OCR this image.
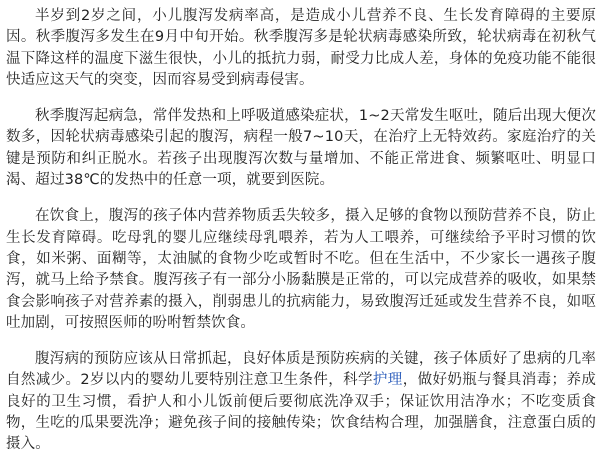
半岁到2岁之间，小儿腹泻发病率高，是造成小儿营养不良、生长发育障碍的主要原因。秋季腹泻多发生在9月中旬开始。秋季腹泻多是轮状病毒感染所致，轮状病毒在初秋气温下降这样的温度下滋生很快，小儿的抵抗力弱，耐受力比成人差，身体的免疫功能不能很快适应这天气的突变，因而容易受到病毒侵害。

秋季腹泻起病急，常伴发热和上呼吸道感染症状，1~2天常发生呕吐，随后出现大便次数多，因轮状病毒感染引起的腹泻，病程一般7~10天，在治疗上无特效药。家庭治疗的关键是预防和纠正脱水。若孩子出现腹泻次数与量增加、不能正常进食、频繁呕吐、明显口渴、超过38℃的发热中的任意一项，就要到医院。

在饮食上，腹泻的孩子体内营养物质丢失较多，摄入足够的食物以预防营养不良，防止生长发育障碍。吃母乳的婴儿应继续母乳喂养，若为人工喂养，可继续给予平时习惯的饮食，如米粥、面糊等，太油腻的食物少吃或暂时不吃。但在生活中，不少家长一遇孩子腹泻，就马上给予禁食。腹泻孩子有一部分小肠黏膜是正常的，可以完成营养的吸收，如果禁食会影响孩子对营养素的摄入，削弱患儿的抗病能力，易致腹泻迁延或发生营养不良，如呕吐加剧，可按照医师的吩咐暂禁饮食。

腹泻病的预防应该从日常抓起，良好体质是预防疾病的关键，孩子体质好了患病的几率自然减少。2岁以内的婴幼儿要特别注意卫生条件，科学护理，做好奶瓶与餐具消毒；养成良好的卫生习惯，看护人和小儿饭前便后要彻底洗净双手；保证饮用洁净水；不吃变质食物，生吃的瓜果要洗净；避免孩子间的接触传染；饮食结构合理，加强膳食，注意蛋白质的摄入。
